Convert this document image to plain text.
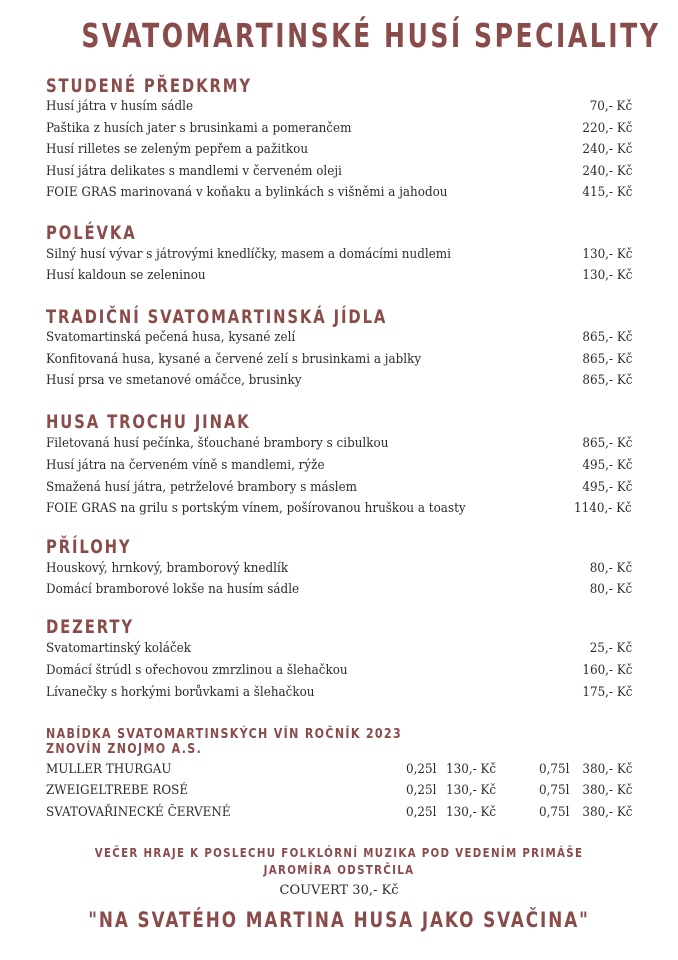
SVATOMARTINSKÉ HUSÍ SPECIALITY
STUDENÉ PŘEDKRMY
Husí játra v husím sádle	70,- Kč
Paštika z husích jater s brusinkami a pomerančem	220,- Kč
Husí rilletes se zeleným pepřem a pažitkou	240,- Kč
Husí játra delikates s mandlemi v červeném oleji	240,- Kč
FOIE GRAS marinovaná v koňaku a bylinkách s višněmi a jahodou	415,- Kč
POLÉVKA
Silný husí vývar s játrovými knedlíčky, masem a domácími nudlemi	130,- Kč
Husí kaldoun se zeleninou	130,- Kč
TRADIČNÍ SVATOMARTINSKÁ JÍDLA
Svatomartinská pečená husa, kysané zelí	865,- Kč
Konfitovaná husa, kysané a červené zelí s brusinkami a jablky	865,- Kč
Husí prsa ve smetanové omáčce, brusinky	865,- Kč
HUSA TROCHU JINAK
Filetovaná husí pečínka, šťouchané brambory s cibulkou	865,- Kč
Husí játra na červeném víně s mandlemi, rýže	495,- Kč
Smažená husí játra, petrželové brambory s máslem	495,- Kč
FOIE GRAS na grilu s portským vínem, pošírovanou hruškou a toasty	1140,- Kč
PŘÍLOHY
Houskový, hrnkový, bramborový knedlík	80,- Kč
Domácí bramborové lokše na husím sádle	80,- Kč
DEZERTY
Svatomartinský koláček	25,- Kč
Domácí štrúdl s ořechovou zmrzlinou a šlehačkou	160,- Kč
Lívanečky s horkými borůvkami a šlehačkou	175,- Kč
NABÍDKA SVATOMARTINSKÝCH VÍN ROČNÍK 2023
ZNOVÍN ZNOJMO A.S.
MULLER THURGAU	0,25l 130,- Kč	0,75l 380,- Kč
ZWEIGELTREBE ROSÉ	0,25l 130,- Kč	0,75l 380,- Kč
SVATOVAŘINECKÉ ČERVENÉ	0,25l 130,- Kč	0,75l 380,- Kč
VEČER HRAJE K POSLECHU FOLKLÓRNÍ MUZIKA POD VEDENÍM PRIMÁŠE
JAROMÍRA ODSTRČILA
COUVERT 30,- Kč
"NA SVATÉHO MARTINA HUSA JAKO SVAČINA"
